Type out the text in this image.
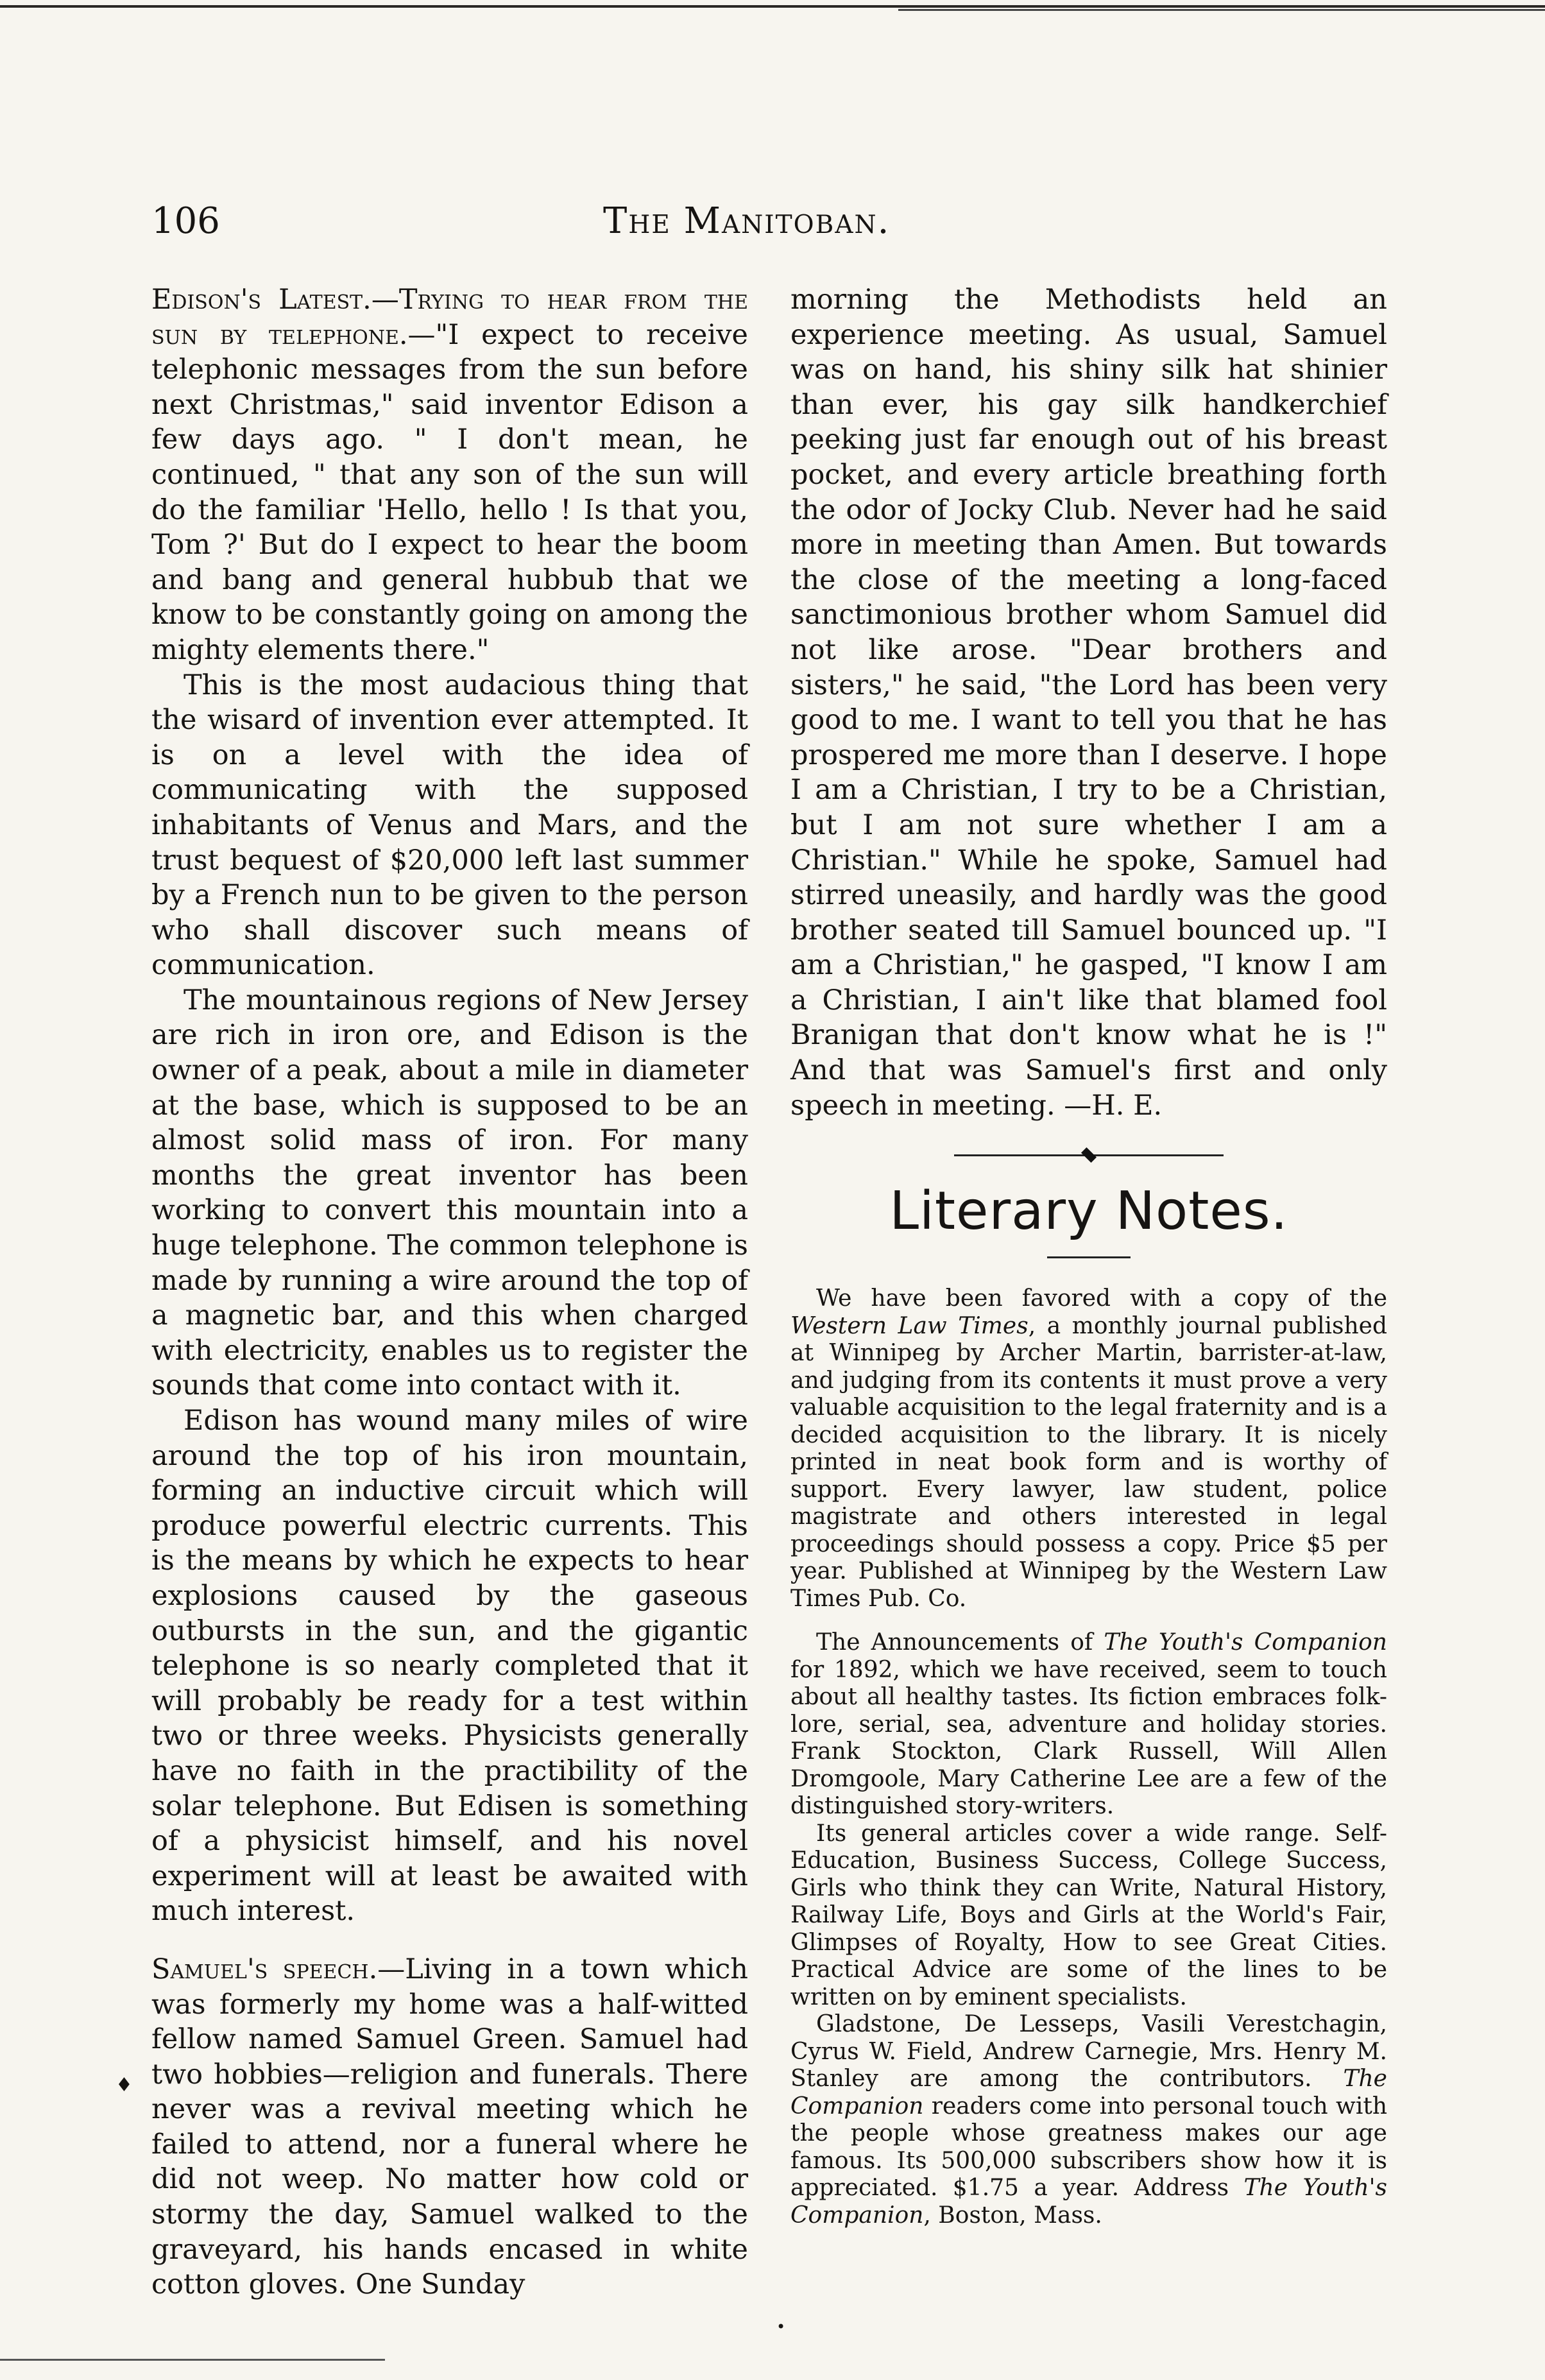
106	The Manitoban.

Edison's Latest.—Trying to hear from the sun by telephone.—"I expect to receive telephonic messages from the sun before next Christmas," said inventor Edison a few days ago. " I don't mean, he continued, " that any son of the sun will do the familiar 'Hello, hello ! Is that you, Tom ?' But do I expect to hear the boom and bang and general hubbub that we know to be constantly going on among the mighty elements there."

This is the most audacious thing that the wisard of invention ever attempted. It is on a level with the idea of communicating with the supposed inhabitants of Venus and Mars, and the trust bequest of $20,000 left last summer by a French nun to be given to the person who shall discover such means of communication.

The mountainous regions of New Jersey are rich in iron ore, and Edison is the owner of a peak, about a mile in diameter at the base, which is supposed to be an almost solid mass of iron. For many months the great inventor has been working to convert this mountain into a huge telephone. The common telephone is made by running a wire around the top of a magnetic bar, and this when charged with electricity, enables us to register the sounds that come into contact with it.

Edison has wound many miles of wire around the top of his iron mountain, forming an inductive circuit which will produce powerful electric currents. This is the means by which he expects to hear explosions caused by the gaseous outbursts in the sun, and the gigantic telephone is so nearly completed that it will probably be ready for a test within two or three weeks. Physicists generally have no faith in the practibility of the solar telephone. But Edisen is something of a physicist himself, and his novel experiment will at least be awaited with much interest.

Samuel's speech.—Living in a town which was formerly my home was a half-witted fellow named Samuel Green. Samuel had two hobbies—religion and funerals. There never was a revival meeting which he failed to attend, nor a funeral where he did not weep. No matter how cold or stormy the day, Samuel walked to the graveyard, his hands encased in white cotton gloves. One Sunday

morning the Methodists held an experience meeting. As usual, Samuel was on hand, his shiny silk hat shinier than ever, his gay silk handkerchief peeking just far enough out of his breast pocket, and every article breathing forth the odor of Jocky Club. Never had he said more in meeting than Amen. But towards the close of the meeting a long-faced sanctimonious brother whom Samuel did not like arose. "Dear brothers and sisters," he said, "the Lord has been very good to me. I want to tell you that he has prospered me more than I deserve. I hope I am a Christian, I try to be a Christian, but I am not sure whether I am a Christian." While he spoke, Samuel had stirred uneasily, and hardly was the good brother seated till Samuel bounced up. "I am a Christian," he gasped, "I know I am a Christian, I ain't like that blamed fool Branigan that don't know what he is !" And that was Samuel's first and only speech in meeting. —H. E.

Literary Notes.

We have been favored with a copy of the Western Law Times, a monthly journal published at Winnipeg by Archer Martin, barrister-at-law, and judging from its contents it must prove a very valuable acquisition to the legal fraternity and is a decided acquisition to the library. It is nicely printed in neat book form and is worthy of support. Every lawyer, law student, police magistrate and others interested in legal proceedings should possess a copy. Price $5 per year. Published at Winnipeg by the Western Law Times Pub. Co.

The Announcements of The Youth's Companion for 1892, which we have received, seem to touch about all healthy tastes. Its fiction embraces folk-lore, serial, sea, adventure and holiday stories. Frank Stockton, Clark Russell, Will Allen Dromgoole, Mary Catherine Lee are a few of the distinguished story-writers.

Its general articles cover a wide range. Self-Education, Business Success, College Success, Girls who think they can Write, Natural History, Railway Life, Boys and Girls at the World's Fair, Glimpses of Royalty, How to see Great Cities. Practical Advice are some of the lines to be written on by eminent specialists.

Gladstone, De Lesseps, Vasili Verestchagin, Cyrus W. Field, Andrew Carnegie, Mrs. Henry M. Stanley are among the contributors. The Companion readers come into personal touch with the people whose greatness makes our age famous. Its 500,000 subscribers show how it is appreciated. $1.75 a year. Address The Youth's Companion, Boston, Mass.

♦
•
